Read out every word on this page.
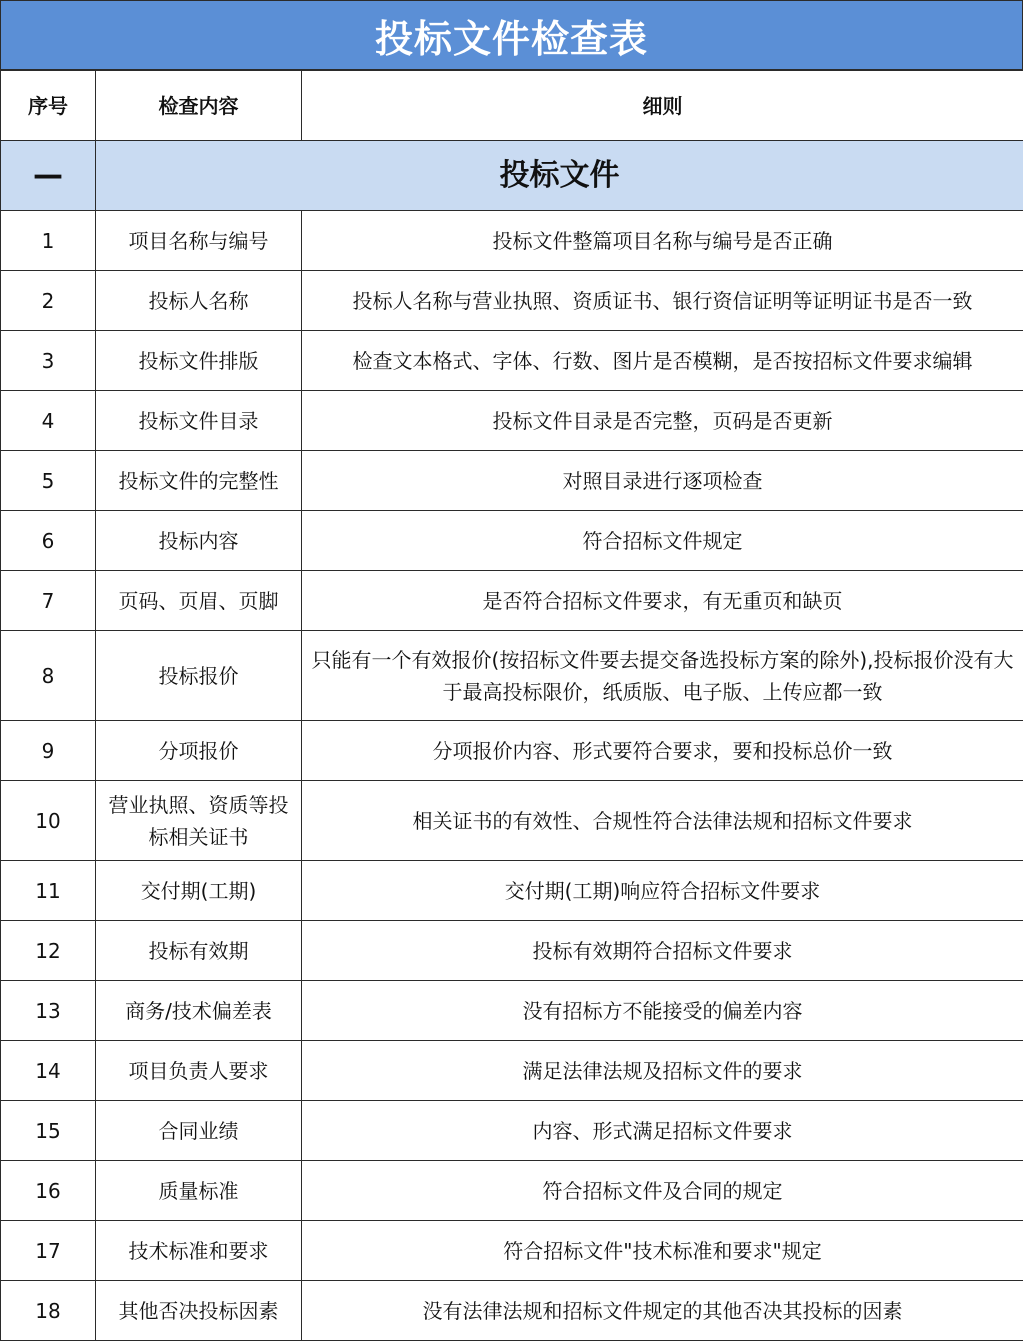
投标文件检查表
序号	检查内容	细则
—	投标文件	
1	项目名称与编号	投标文件整篇项目名称与编号是否正确
2	投标人名称	投标人名称与营业执照、资质证书、银行资信证明等证明证书是否一致
3	投标文件排版	检查文本格式、字体、行数、图片是否模糊，是否按招标文件要求编辑
4	投标文件目录	投标文件目录是否完整，页码是否更新
5	投标文件的完整性	对照目录进行逐项检查
6	投标内容	符合招标文件规定
7	页码、页眉、页脚	是否符合招标文件要求，有无重页和缺页
8	投标报价	只能有一个有效报价(按招标文件要去提交备选投标方案的除外),投标报价没有大于最高投标限价，纸质版、电子版、上传应都一致
9	分项报价	分项报价内容、形式要符合要求，要和投标总价一致
10	营业执照、资质等投标相关证书	相关证书的有效性、合规性符合法律法规和招标文件要求
11	交付期(工期)	交付期(工期)响应符合招标文件要求
12	投标有效期	投标有效期符合招标文件要求
13	商务/技术偏差表	没有招标方不能接受的偏差内容
14	项目负责人要求	满足法律法规及招标文件的要求
15	合同业绩	内容、形式满足招标文件要求
16	质量标准	符合招标文件及合同的规定
17	技术标准和要求	符合招标文件"技术标准和要求"规定
18	其他否决投标因素	没有法律法规和招标文件规定的其他否决其投标的因素
